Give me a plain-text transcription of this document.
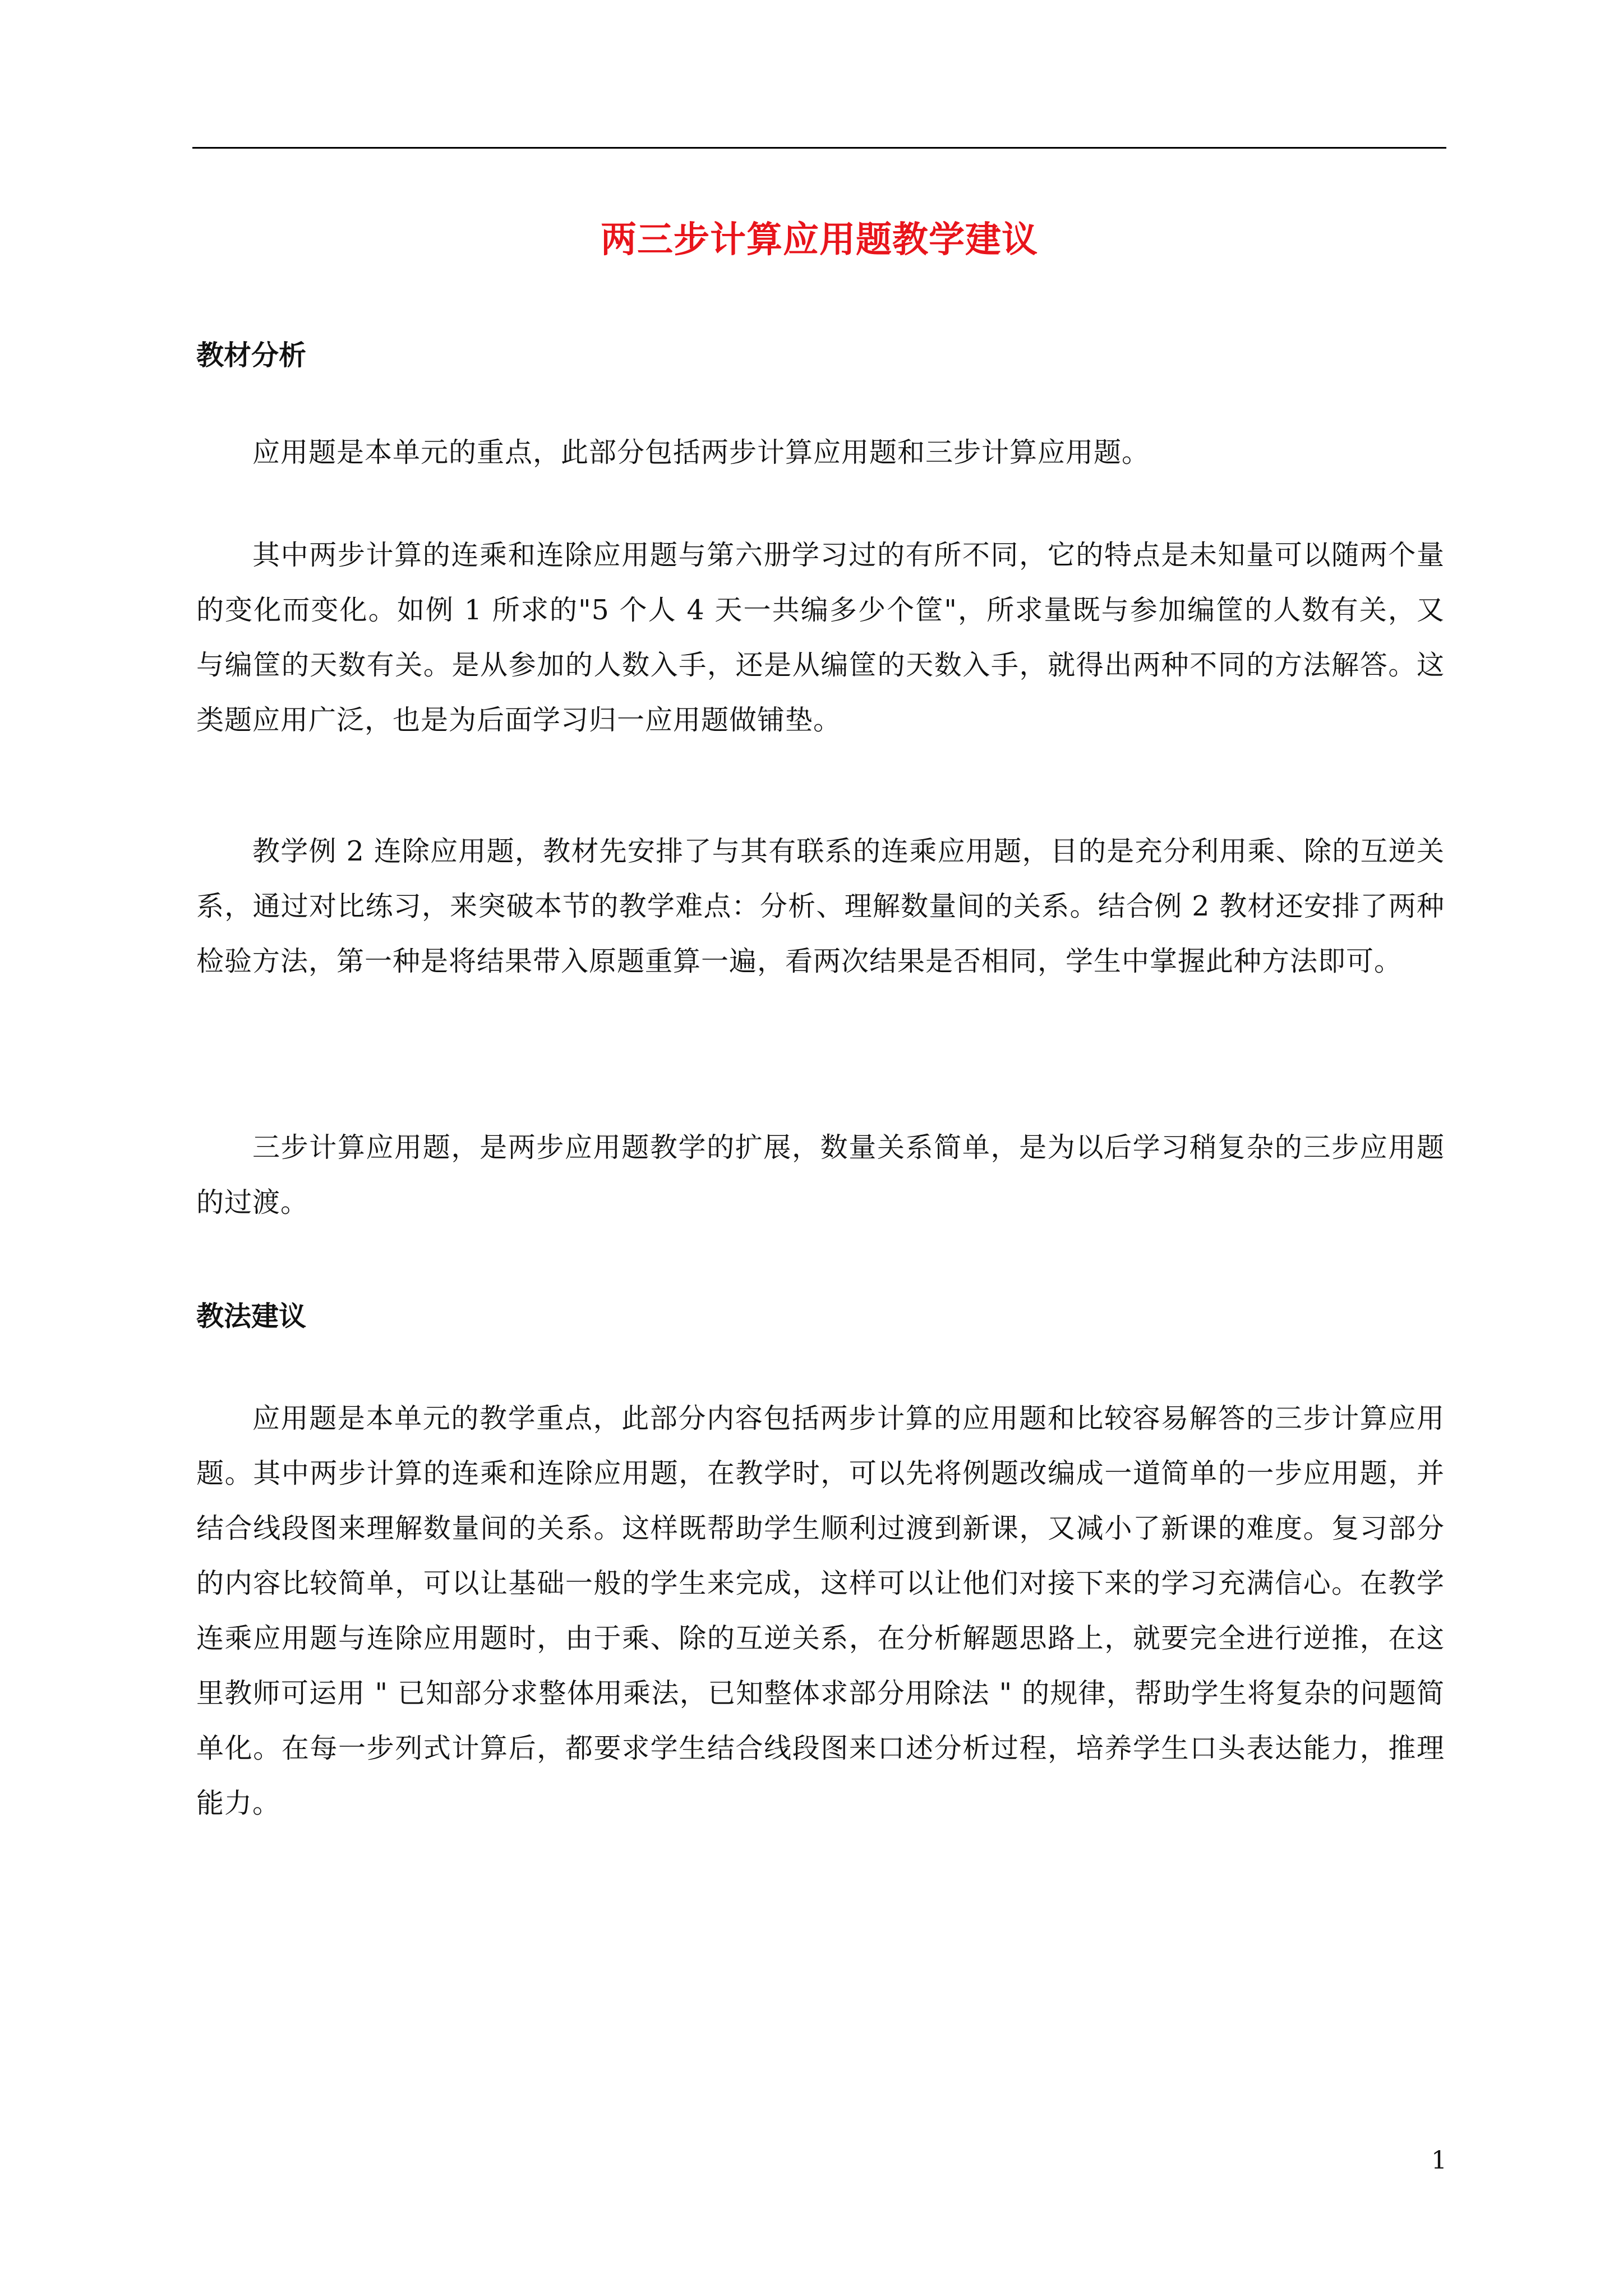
两三步计算应用题教学建议
教材分析

应用题是本单元的重点，此部分包括两步计算应用题和三步计算应用题。

其中两步计算的连乘和连除应用题与第六册学习过的有所不同，它的特点是未知量可以随两个量的变化而变化。如例 1 所求的"5 个人 4 天一共编多少个筐"，所求量既与参加编筐的人数有关，又与编筐的天数有关。是从参加的人数入手，还是从编筐的天数入手，就得出两种不同的方法解答。这类题应用广泛，也是为后面学习归一应用题做铺垫。

教学例 2 连除应用题，教材先安排了与其有联系的连乘应用题，目的是充分利用乘、除的互逆关系，通过对比练习，来突破本节的教学难点：分析、理解数量间的关系。结合例 2 教材还安排了两种检验方法，第一种是将结果带入原题重算一遍，看两次结果是否相同，学生中掌握此种方法即可。

三步计算应用题，是两步应用题教学的扩展，数量关系简单，是为以后学习稍复杂的三步应用题的过渡。

教法建议

应用题是本单元的教学重点，此部分内容包括两步计算的应用题和比较容易解答的三步计算应用题。其中两步计算的连乘和连除应用题，在教学时，可以先将例题改编成一道简单的一步应用题，并结合线段图来理解数量间的关系。这样既帮助学生顺利过渡到新课，又减小了新课的难度。复习部分的内容比较简单，可以让基础一般的学生来完成，这样可以让他们对接下来的学习充满信心。在教学连乘应用题与连除应用题时，由于乘、除的互逆关系，在分析解题思路上，就要完全进行逆推，在这里教师可运用 " 已知部分求整体用乘法，已知整体求部分用除法 " 的规律，帮助学生将复杂的问题简单化。在每一步列式计算后，都要求学生结合线段图来口述分析过程，培养学生口头表达能力，推理能力。

1
